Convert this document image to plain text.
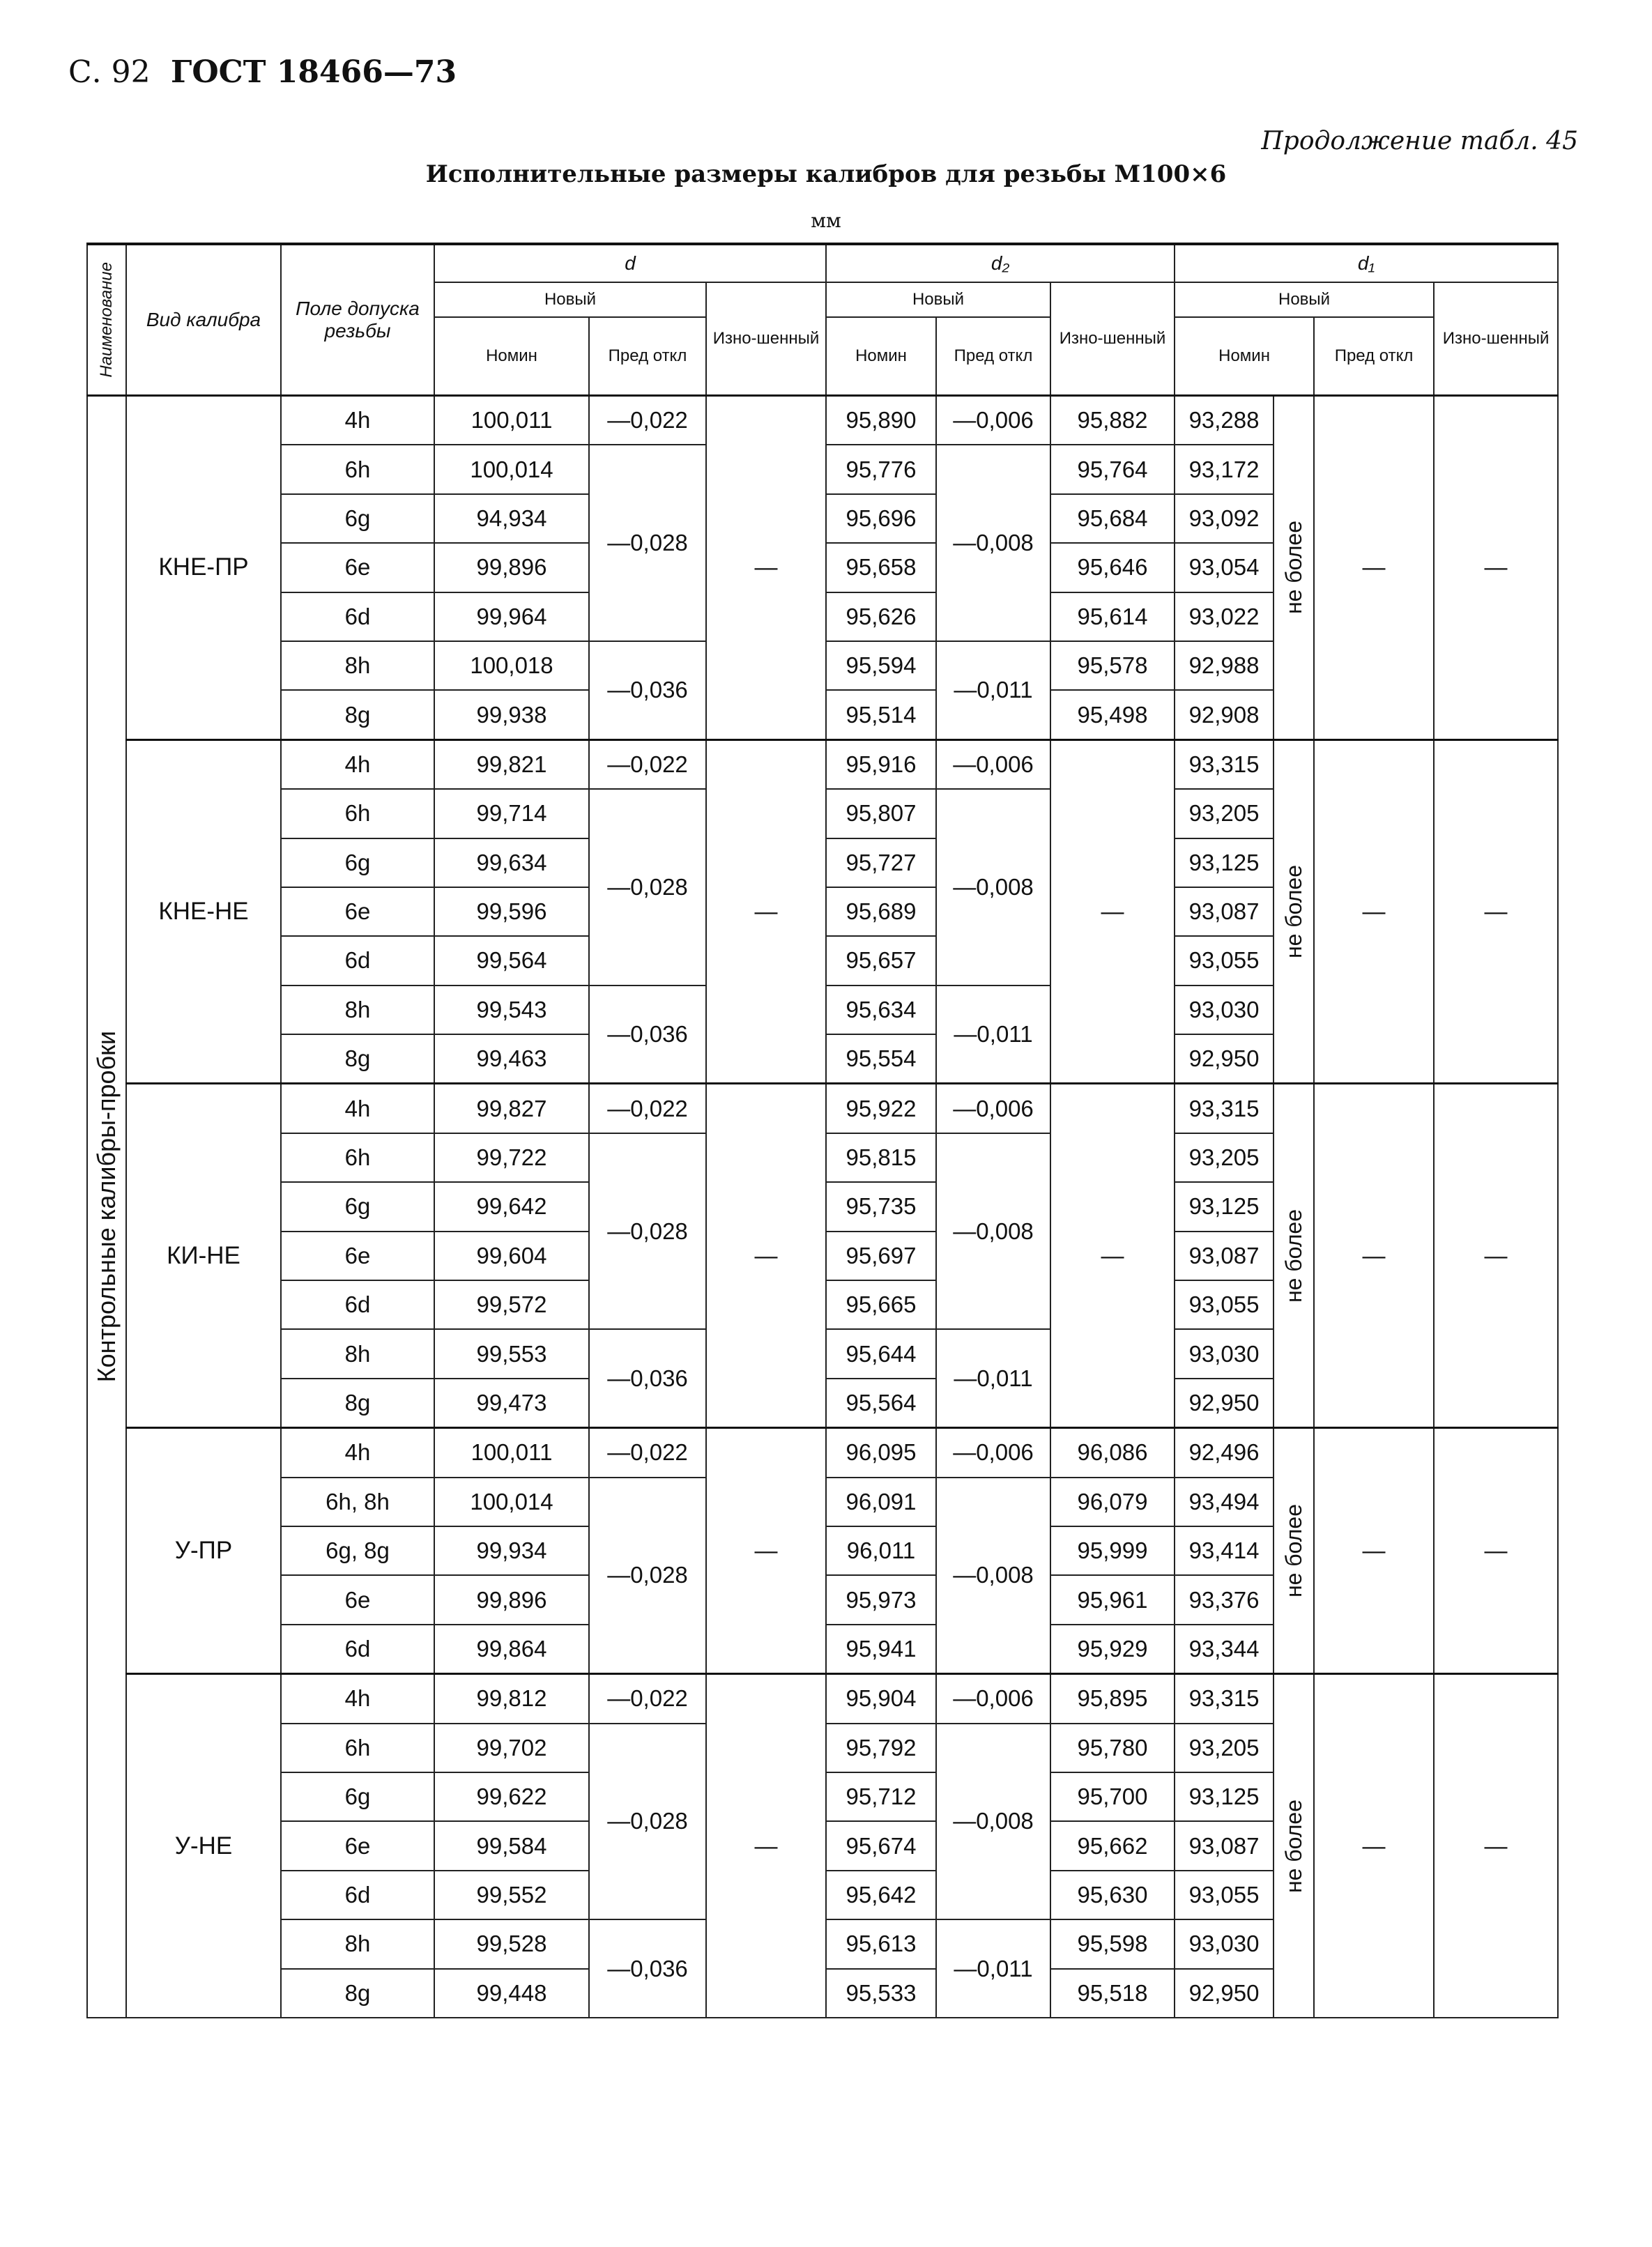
С. 92 ГОСТ 18466—73
Продолжение табл. 45
Исполнительные размеры калибров для резьбы М100×6
мм
Наименование	Вид калибра	Поле допуска резьбы	d			d₂			d₁			
			Новый		Изно-шенный	Новый		Изно-шенный	Новый			Изно-шенный
			Номин	Пред откл		Номин	Пред откл		Номин		Пред откл	

Контрольные калибры-пробки	КНЕ-ПР	4h	100,011	—0,022	—	95,890	—0,006	95,882	93,288	не более	—	—
		6h	100,014	—0,028		95,776	—0,008	95,764	93,172			
		6g	94,934			95,696		95,684	93,092			
		6e	99,896			95,658		95,646	93,054			
		6d	99,964			95,626		95,614	93,022			
		8h	100,018	—0,036		95,594	—0,011	95,578	92,988			
		8g	99,938			95,514		95,498	92,908			
	КНЕ-НЕ	4h	99,821	—0,022	—	95,916	—0,006	—	93,315	не более	—	—
		6h	99,714	—0,028		95,807	—0,008		93,205			
		6g	99,634			95,727			93,125			
		6e	99,596			95,689			93,087			
		6d	99,564			95,657			93,055			
		8h	99,543	—0,036		95,634	—0,011		93,030			
		8g	99,463			95,554			92,950			
	КИ-НЕ	4h	99,827	—0,022	—	95,922	—0,006	—	93,315	не более	—	—
		6h	99,722	—0,028		95,815	—0,008		93,205			
		6g	99,642			95,735			93,125			
		6e	99,604			95,697			93,087			
		6d	99,572			95,665			93,055			
		8h	99,553	—0,036		95,644	—0,011		93,030			
		8g	99,473			95,564			92,950			
	У-ПР	4h	100,011	—0,022	—	96,095	—0,006	96,086	92,496	не более	—	—
		6h, 8h	100,014	—0,028		96,091	—0,008	96,079	93,494			
		6g, 8g	99,934			96,011		95,999	93,414			
		6e	99,896			95,973		95,961	93,376			
		6d	99,864			95,941		95,929	93,344			
	У-НЕ	4h	99,812	—0,022	—	95,904	—0,006	95,895	93,315	не более	—	—
		6h	99,702	—0,028		95,792	—0,008	95,780	93,205			
		6g	99,622			95,712		95,700	93,125			
		6e	99,584			95,674		95,662	93,087			
		6d	99,552			95,642		95,630	93,055			
		8h	99,528	—0,036		95,613	—0,011	95,598	93,030			
		8g	99,448			95,533		95,518	92,950			
